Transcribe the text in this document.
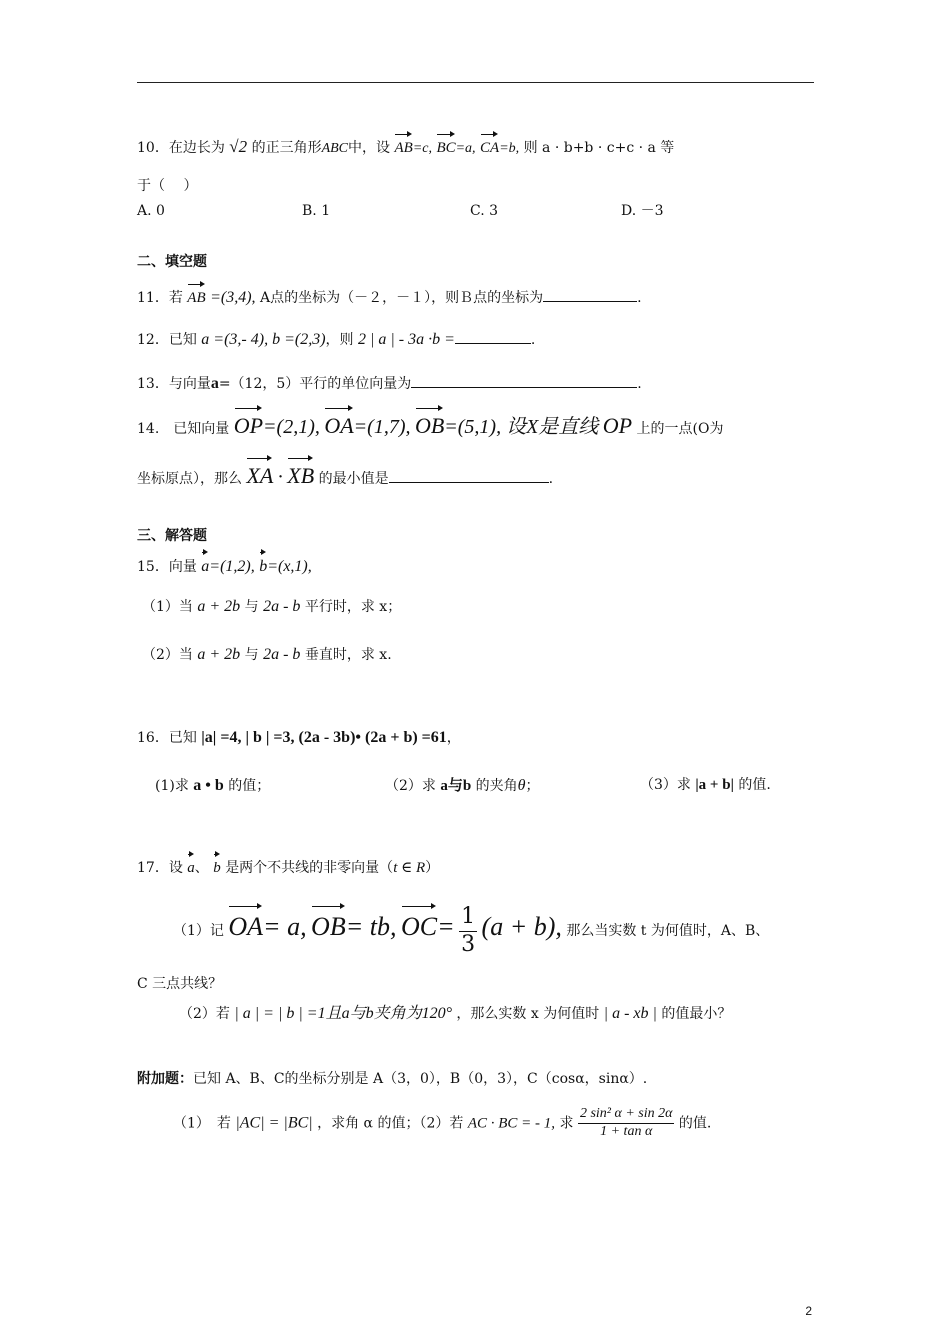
10．在边长为 √2 的正三角形ABC中，设 AB=c, BC=a, CA=b, 则 a · b+b · c+c · a 等
于（　 ）
A. 0	B. 1	C. 3	D. －3
二、填空题
11．若 AB =(3,4), A点的坐标为（－２，－１），则Ｂ点的坐标为	.
12．已知 a =(3,- 4), b =(2,3)，则 2 | a | - 3a ·b =	.
13．与向量a=（12，5）平行的单位向量为	.
14.　已知向量 OP=(2,1), OA=(1,7), OB=(5,1), 设X是直线 OP 上的一点(O为
坐标原点），那么 XA · XB 的最小值是	.
三、解答题
15．向量 a=(1,2), b=(x,1),
（1）当 a + 2b 与 2a - b 平行时，求 x；
（2）当 a + 2b 与 2a - b 垂直时，求 x.
16．已知 |a| =4, | b | =3, (2a - 3b)• (2a + b) =61，
(1)求 a • b 的值；	（2）求 a与b 的夹角θ；	（3）求 |a + b| 的值.
17．设 a、 b 是两个不共线的非零向量（t ∈ R）
（1）记 OA= a, OB= tb, $OC= \frac{1}{3} (a + b)$, 那么当实数 t 为何值时，A、B、
C 三点共线？
（2）若 | a | = | b | =1且a与b夹角为120° ，那么实数 x 为何值时 | a - xb | 的值最小？
附加题：已知 A、B、C的坐标分别是 A（3，0），B（0，3），C（cosα，sinα）.
（1）　若 |AC| = |BC| ，求角 α 的值；（2）若 AC · BC = - 1, 求 $\frac{\text{2 sin² α + sin 2α}}{\text{1 + tan α}}$ 的值.
2
